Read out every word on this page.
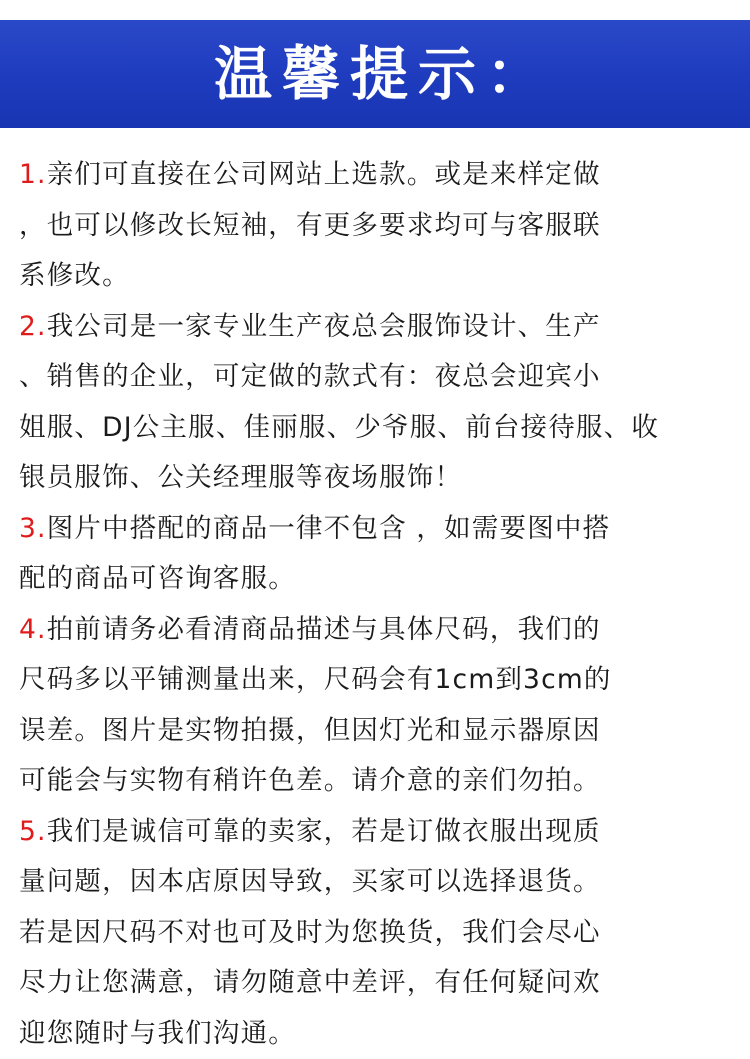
温馨提示：
1.亲们可直接在公司网站上选款。或是来样定做
，也可以修改长短袖，有更多要求均可与客服联
系修改。
2.我公司是一家专业生产夜总会服饰设计、生产
、销售的企业，可定做的款式有：夜总会迎宾小
姐服、DJ公主服、佳丽服、少爷服、前台接待服、收
银员服饰、公关经理服等夜场服饰！
3.图片中搭配的商品一律不包含 ，如需要图中搭
配的商品可咨询客服。
4.拍前请务必看清商品描述与具体尺码，我们的
尺码多以平铺测量出来，尺码会有1cm到3cm的
误差。图片是实物拍摄，但因灯光和显示器原因
可能会与实物有稍许色差。请介意的亲们勿拍。
5.我们是诚信可靠的卖家，若是订做衣服出现质
量问题，因本店原因导致，买家可以选择退货。
若是因尺码不对也可及时为您换货，我们会尽心
尽力让您满意，请勿随意中差评，有任何疑问欢
迎您随时与我们沟通。
